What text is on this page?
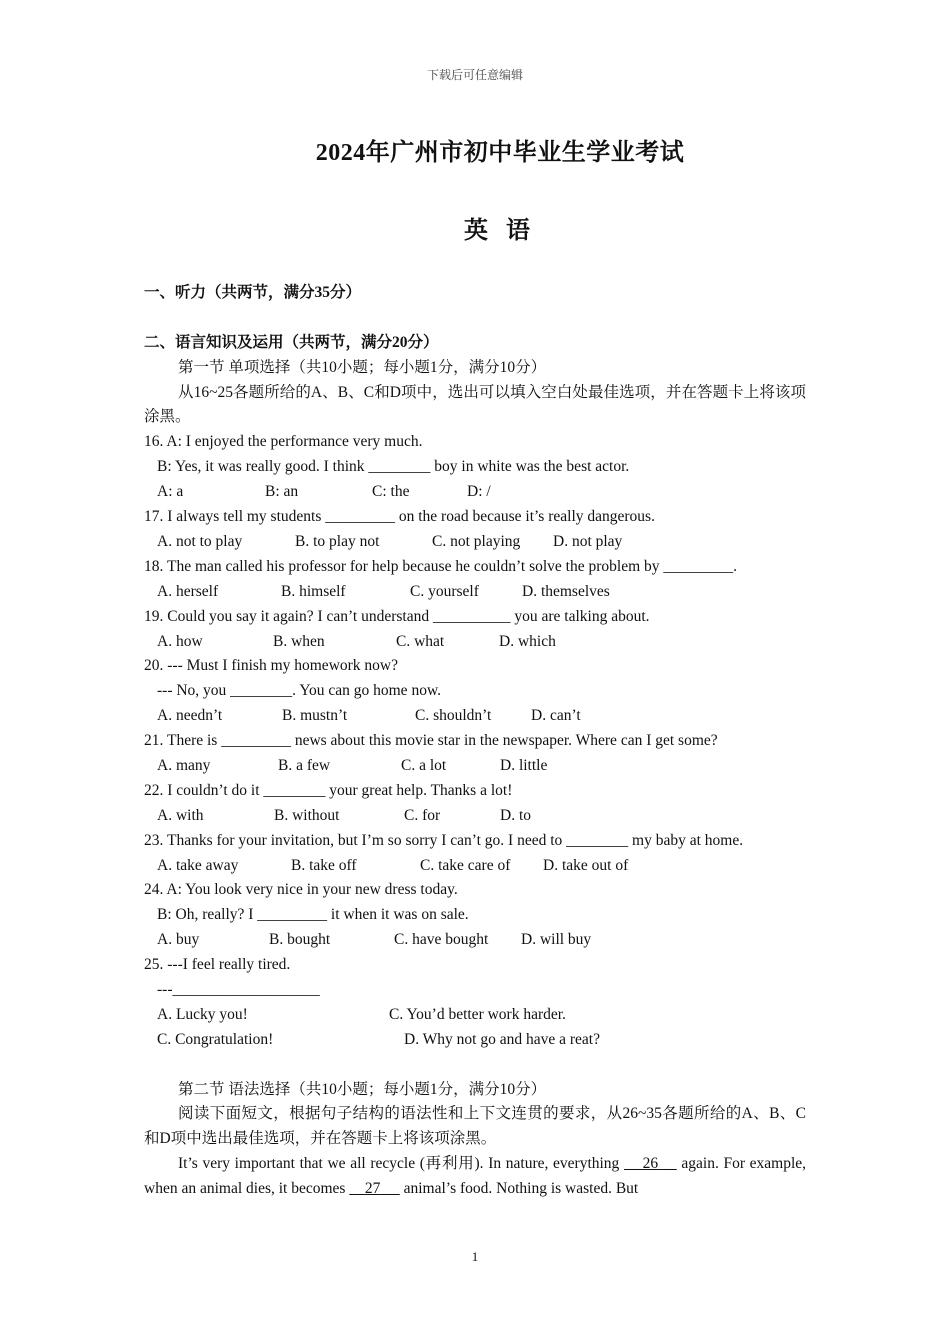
下载后可任意编辑
2024年广州市初中毕业生学业考试
英 语
一、听力（共两节，满分35分）
二、语言知识及运用（共两节，满分20分）
第一节 单项选择（共10小题；每小题1分，满分10分）
从16~25各题所给的A、B、C和D项中，选出可以填入空白处最佳选项，并在答题卡上将该项涂黑。
16. A: I enjoyed the performance very much.
B: Yes, it was really good. I think ________ boy in white was the best actor.
A: a	B: an	C: the	D: /
17. I always tell my students _________ on the road because it’s really dangerous.
A. not to play	B. to play not	C. not playing D. not play
18. The man called his professor for help because he couldn’t solve the problem by _________.
A. herself	B. himself	C. yourself	D. themselves
19. Could you say it again? I can’t understand __________ you are talking about.
A. how	B. when	C. what	D. which
20. --- Must I finish my homework now?
--- No, you ________. You can go home now.
A. needn’t	B. mustn’t	C. shouldn’t	D. can’t
21. There is _________ news about this movie star in the newspaper. Where can I get some?
A. many	B. a few	C. a lot	D. little
22. I couldn’t do it ________ your great help. Thanks a lot!
A. with	B. without	C. for	D. to
23. Thanks for your invitation, but I’m so sorry I can’t go. I need to ________ my baby at home.
A. take away	B. take off	C. take care of D. take out of
24. A: You look very nice in your new dress today.
B: Oh, really? I _________ it when it was on sale.
A. buy	B. bought	C. have bought D. will buy
25. ---I feel really tired.
---___________________
A. Lucky you!	C. You’d better work harder.
C. Congratulation!	D. Why not go and have a reat?
第二节 语法选择（共10小题；每小题1分，满分10分）
阅读下面短文，根据句子结构的语法性和上下文连贯的要求，从26~35各题所给的A、B、C和D项中选出最佳选项，并在答题卡上将该项涂黑。
It’s very important that we all recycle (再利用). In nature, everything     26     again. For example, when an animal dies, it becomes     27      animal’s food. Nothing is wasted. But
1
